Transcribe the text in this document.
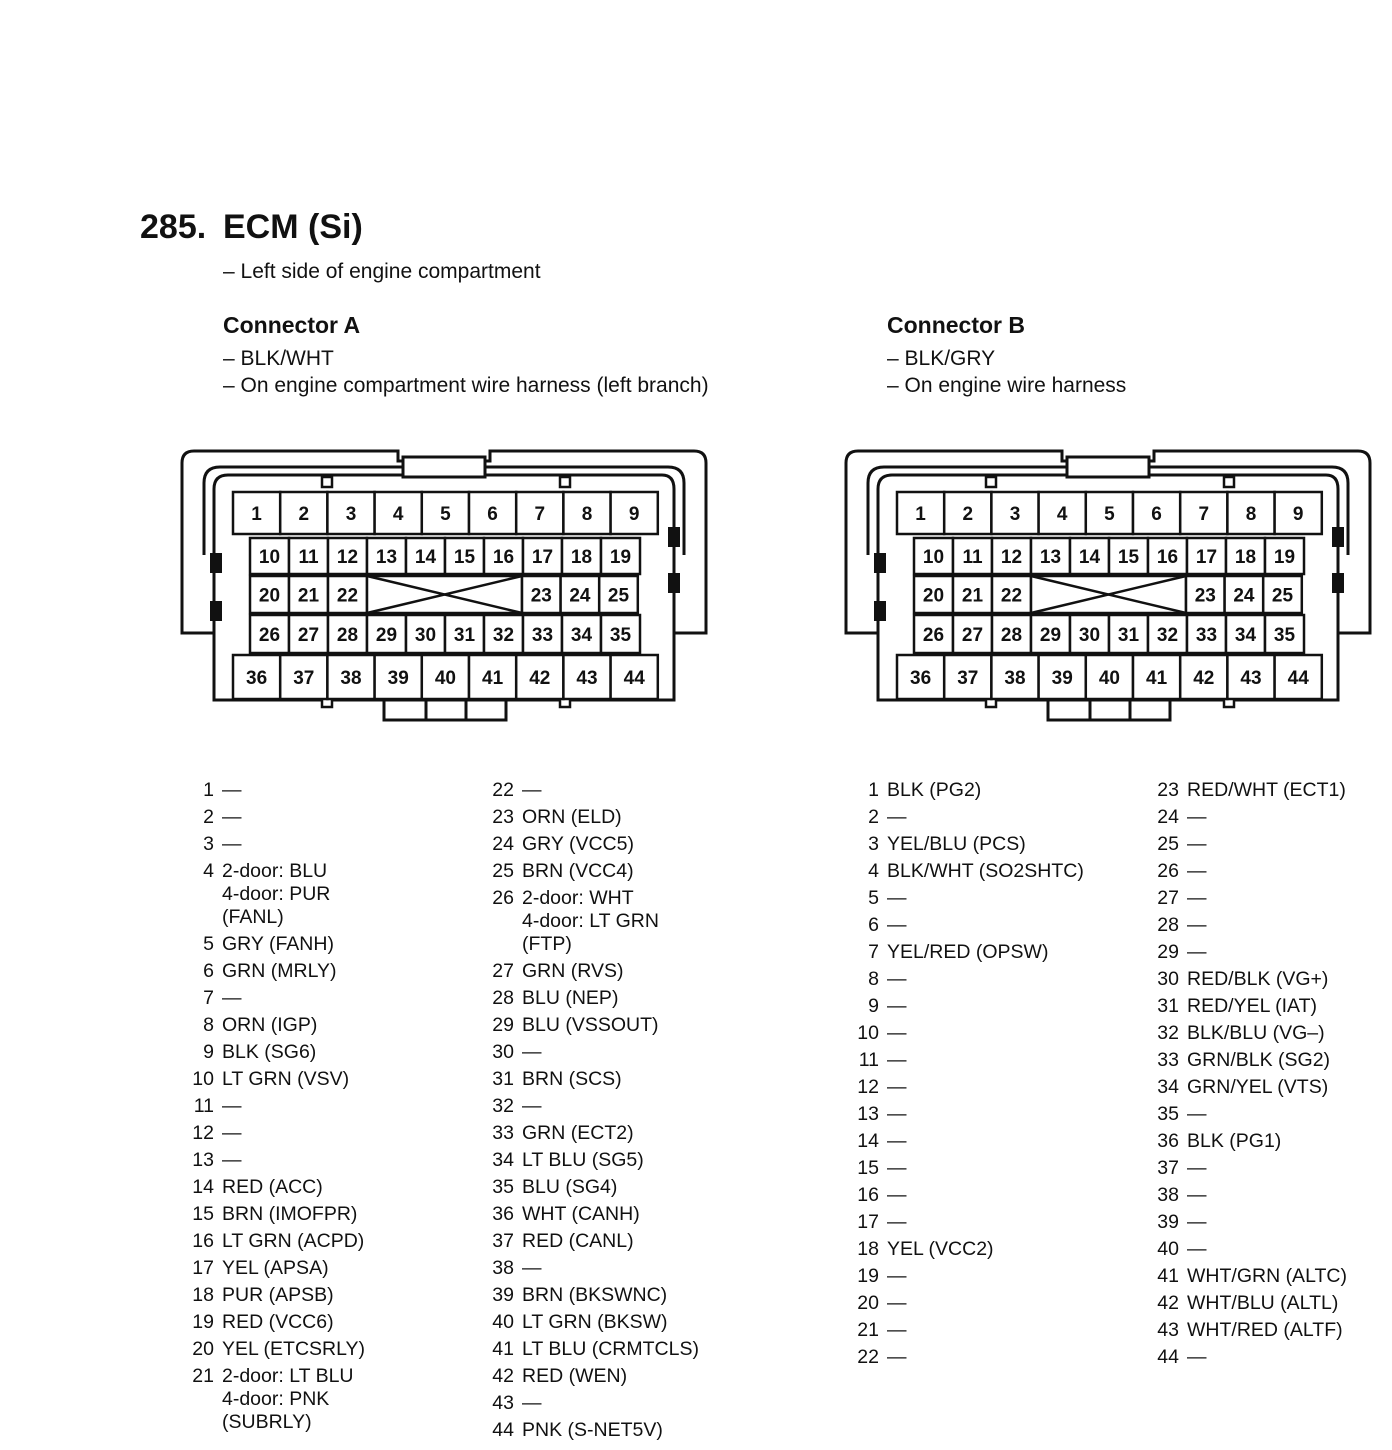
285. ECM (Si)
– Left side of engine compartment
Connector A
– BLK/WHT
– On engine compartment wire harness (left branch)
Connector B
– BLK/GRY
– On engine wire harness
1 2 3 4 5 6 7 8 9
10 11 12 13 14 15 16 17 18 19
20 21 22	23 24 25
26 27 28 29 30 31 32 33 34 35
36 37 38 39 40 41 42 43 44
1 2 3 4 5 6 7 8 9
10 11 12 13 14 15 16 17 18 19
20 21 22	23 24 25
26 27 28 29 30 31 32 33 34 35
36 37 38 39 40 41 42 43 44
1 —
2 —
3 —
4 2-door: BLU
4-door: PUR
(FANL)
5 GRY (FANH)
6 GRN (MRLY)
7 —
8 ORN (IGP)
9 BLK (SG6)
10 LT GRN (VSV)
11 —
12 —
13 —
14 RED (ACC)
15 BRN (IMOFPR)
16 LT GRN (ACPD)
17 YEL (APSA)
18 PUR (APSB)
19 RED (VCC6)
20 YEL (ETCSRLY)
21 2-door: LT BLU
4-door: PNK
(SUBRLY)
22 —
23 ORN (ELD)
24 GRY (VCC5)
25 BRN (VCC4)
26 2-door: WHT
4-door: LT GRN
(FTP)
27 GRN (RVS)
28 BLU (NEP)
29 BLU (VSSOUT)
30 —
31 BRN (SCS)
32 —
33 GRN (ECT2)
34 LT BLU (SG5)
35 BLU (SG4)
36 WHT (CANH)
37 RED (CANL)
38 —
39 BRN (BKSWNC)
40 LT GRN (BKSW)
41 LT BLU (CRMTCLS)
42 RED (WEN)
43 —
44 PNK (S-NET5V)
1 BLK (PG2)
2 —
3 YEL/BLU (PCS)
4 BLK/WHT (SO2SHTC)
5 —
6 —
7 YEL/RED (OPSW)
8 —
9 —
10 —
11 —
12 —
13 —
14 —
15 —
16 —
17 —
18 YEL (VCC2)
19 —
20 —
21 —
22 —
23 RED/WHT (ECT1)
24 —
25 —
26 —
27 —
28 —
29 —
30 RED/BLK (VG+)
31 RED/YEL (IAT)
32 BLK/BLU (VG–)
33 GRN/BLK (SG2)
34 GRN/YEL (VTS)
35 —
36 BLK (PG1)
37 —
38 —
39 —
40 —
41 WHT/GRN (ALTC)
42 WHT/BLU (ALTL)
43 WHT/RED (ALTF)
44 —
